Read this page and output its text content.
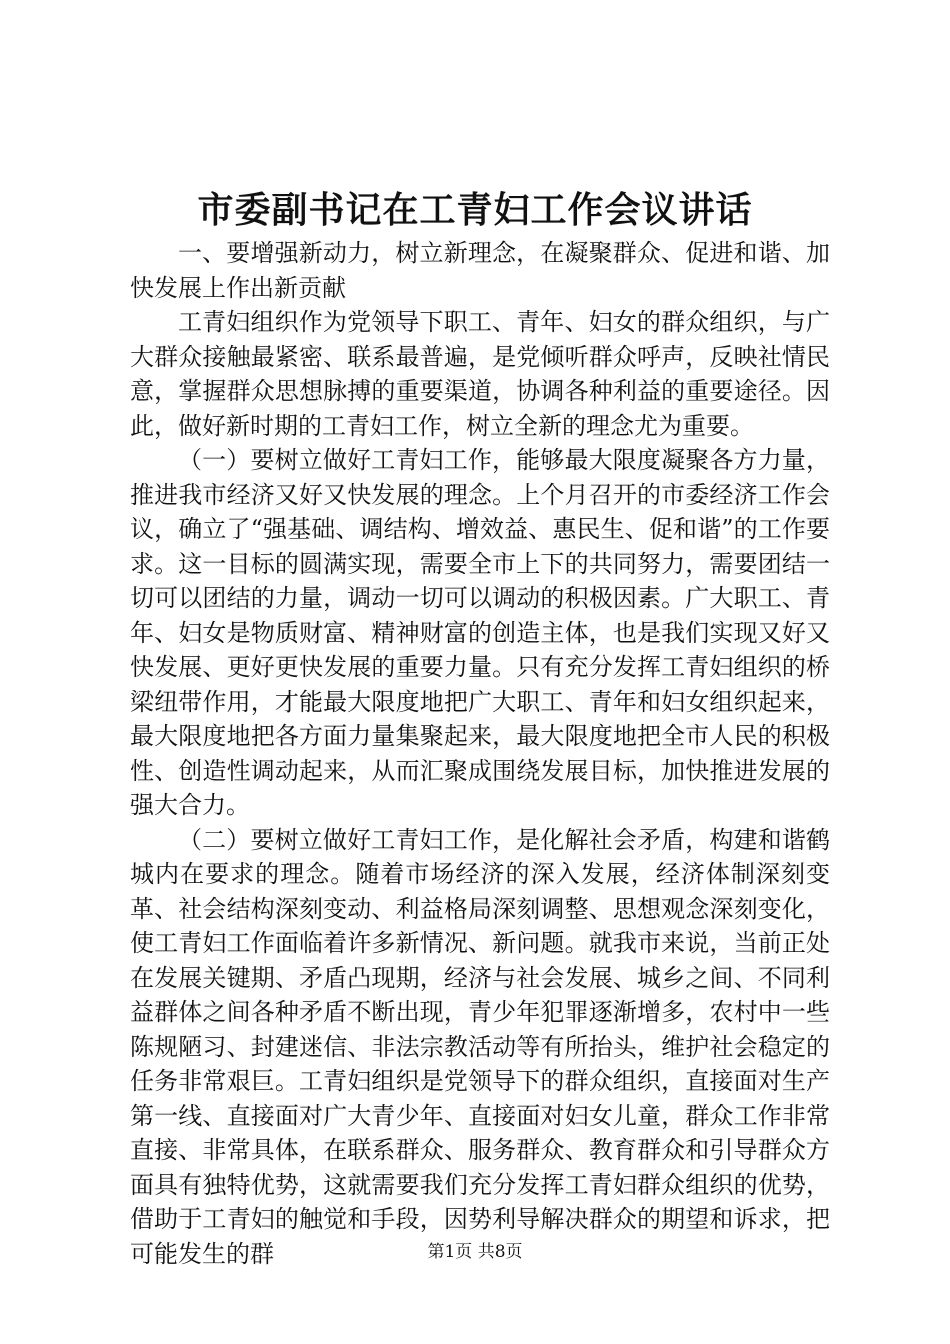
市委副书记在工青妇工作会议讲话

一、要增强新动力，树立新理念，在凝聚群众、促进和谐、加快发展上作出新贡献

工青妇组织作为党领导下职工、青年、妇女的群众组织，与广大群众接触最紧密、联系最普遍，是党倾听群众呼声，反映社情民意，掌握群众思想脉搏的重要渠道，协调各种利益的重要途径。因此，做好新时期的工青妇工作，树立全新的理念尤为重要。

（一）要树立做好工青妇工作，能够最大限度凝聚各方力量，推进我市经济又好又快发展的理念。上个月召开的市委经济工作会议，确立了“强基础、调结构、增效益、惠民生、促和谐”的工作要求。这一目标的圆满实现，需要全市上下的共同努力，需要团结一切可以团结的力量，调动一切可以调动的积极因素。广大职工、青年、妇女是物质财富、精神财富的创造主体，也是我们实现又好又快发展、更好更快发展的重要力量。只有充分发挥工青妇组织的桥梁纽带作用，才能最大限度地把广大职工、青年和妇女组织起来，最大限度地把各方面力量集聚起来，最大限度地把全市人民的积极性、创造性调动起来，从而汇聚成围绕发展目标，加快推进发展的强大合力。

（二）要树立做好工青妇工作，是化解社会矛盾，构建和谐鹤城内在要求的理念。随着市场经济的深入发展，经济体制深刻变革、社会结构深刻变动、利益格局深刻调整、思想观念深刻变化，使工青妇工作面临着许多新情况、新问题。就我市来说，当前正处在发展关键期、矛盾凸现期，经济与社会发展、城乡之间、不同利益群体之间各种矛盾不断出现，青少年犯罪逐渐增多，农村中一些陈规陋习、封建迷信、非法宗教活动等有所抬头，维护社会稳定的任务非常艰巨。工青妇组织是党领导下的群众组织，直接面对生产第一线、直接面对广大青少年、直接面对妇女儿童，群众工作非常直接、非常具体，在联系群众、服务群众、教育群众和引导群众方面具有独特优势，这就需要我们充分发挥工青妇群众组织的优势，借助于工青妇的触觉和手段，因势利导解决群众的期望和诉求，把可能发生的群	第1页 共8页
